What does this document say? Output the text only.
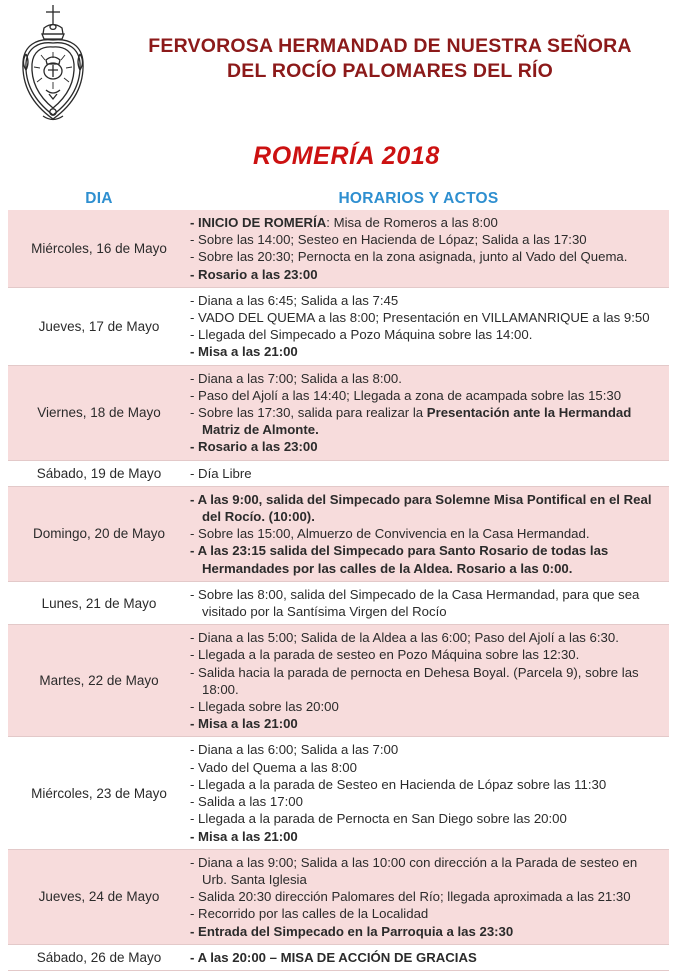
FERVOROSA HERMANDAD DE NUESTRA SEÑORA
DEL ROCÍO PALOMARES DEL RÍO
ROMERÍA 2018
DIA	HORARIOS Y ACTOS
Miércoles, 16 de Mayo
- INICIO DE ROMERÍA: Misa de Romeros a las 8:00
- Sobre las 14:00; Sesteo en Hacienda de Lópaz; Salida a las 17:30
- Sobre las 20:30; Pernocta en la zona asignada, junto al Vado del Quema.
- Rosario a las 23:00
Jueves, 17 de Mayo
- Diana a las 6:45; Salida a las 7:45
- VADO DEL QUEMA a las 8:00; Presentación en VILLAMANRIQUE a las 9:50
- Llegada del Simpecado a Pozo Máquina sobre las 14:00.
- Misa a las 21:00
Viernes, 18 de Mayo
- Diana a las 7:00; Salida a las 8:00.
- Paso del Ajolí a las 14:40; Llegada a zona de acampada sobre las 15:30
- Sobre las 17:30, salida para realizar la Presentación ante la Hermandad Matriz de Almonte.
- Rosario a las 23:00
Sábado, 19 de Mayo	- Día Libre
Domingo, 20 de Mayo
- A las 9:00, salida del Simpecado para Solemne Misa Pontifical en el Real del Rocío. (10:00).
- Sobre las 15:00, Almuerzo de Convivencia en la Casa Hermandad.
- A las 23:15 salida del Simpecado para Santo Rosario de todas las Hermandades por las calles de la Aldea. Rosario a las 0:00.
Lunes, 21 de Mayo
- Sobre las 8:00, salida del Simpecado de la Casa Hermandad, para que sea visitado por la Santísima Virgen del Rocío
Martes, 22 de Mayo
- Diana a las 5:00; Salida de la Aldea a las 6:00; Paso del Ajolí a las 6:30.
- Llegada a la parada de sesteo en Pozo Máquina sobre las 12:30.
- Salida hacia la parada de pernocta en Dehesa Boyal. (Parcela 9), sobre las 18:00.
- Llegada sobre las 20:00
- Misa a las 21:00
Miércoles, 23 de Mayo
- Diana a las 6:00; Salida a las 7:00
- Vado del Quema a las 8:00
- Llegada a la parada de Sesteo en Hacienda de Lópaz sobre las 11:30
- Salida a las 17:00
- Llegada a la parada de Pernocta en San Diego sobre las 20:00
- Misa a las 21:00
Jueves, 24 de Mayo
- Diana a las 9:00; Salida a las 10:00 con dirección a la Parada de sesteo en Urb. Santa Iglesia
- Salida 20:30 dirección Palomares del Río; llegada aproximada a las 21:30
- Recorrido por las calles de la Localidad
- Entrada del Simpecado en la Parroquia a las 23:30
Sábado, 26 de Mayo	- A las 20:00 – MISA DE ACCIÓN DE GRACIAS
